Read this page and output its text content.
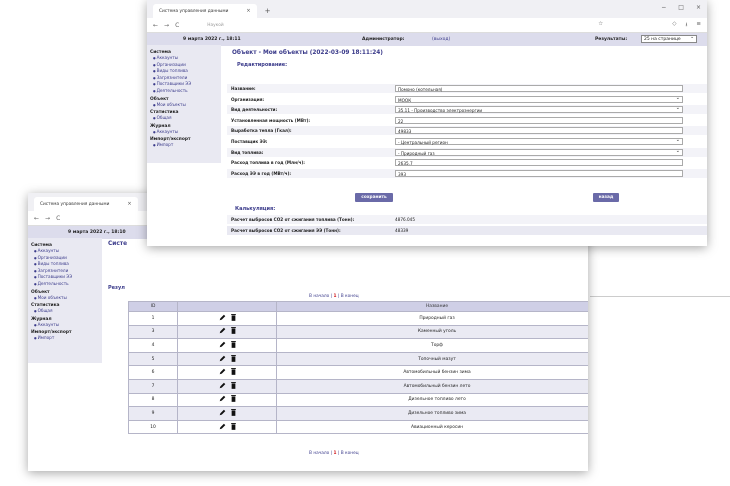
Система управления данными	×
← → C
9 марта 2022 г., 18:10
Система
● Аккаунты
● Организации
● Виды топлива
● Загрязнители
● Поставщики ЭЭ
● Деятельность
Объект
● Мои объекты
Статистика
● Общая
Журнал
● Аккаунты
Импорт/экспорт
● Импорт
Систе
Резул
В начало | 1 | В конец
ID		Название
1		Природный газ
3		Каменный уголь
4		Торф
5		Топочный мазут
6		Автомобильный бензин зима
7		Автомобильный бензин лето
8		Дизельное топливо лето
9		Дизельное топливо зима
10		Авиационный керосин
В начало | 1 | В конец
Система управления данными	× +	− □ ×
← → C	Наукой	☆	◇ ⭳ ≡
9 марта 2022 г., 18:11	Администратор:	(выход)	Результаты:	25 на странице ⌄
Система
● Аккаунты
● Организации
● Виды топлива
● Загрязнители
● Поставщики ЭЭ
● Деятельность
Объект
● Мои объекты
Статистика
● Общая
Журнал
● Аккаунты
Импорт/экспорт
● Импорт
Объект - Мои объекты (2022-03-09 18:11:24)
Редактирование:
Название:	Помоно (котельная)
Организация:	МООК ⌄
Вид деятельности:	35.11 - Производство электроэнергии ⌄
Установленная мощность (МВт):	22
Выработка тепла (Гкал):	49833
Поставщик ЭЭ:	- Центральный регион ⌄
Вид топлива:	- Природный газ ⌄
Расход топлива в год (Млн/ч):	2635.7
Расход ЭЭ в год (МВт/ч):	393
сохранить	назад
Калькуляция:
Расчет выбросов CO2 от сжигания топлива (Тонн):	4876.045
Расчет выбросов CO2 от сжигания ЭЭ (Тонн):	48339
